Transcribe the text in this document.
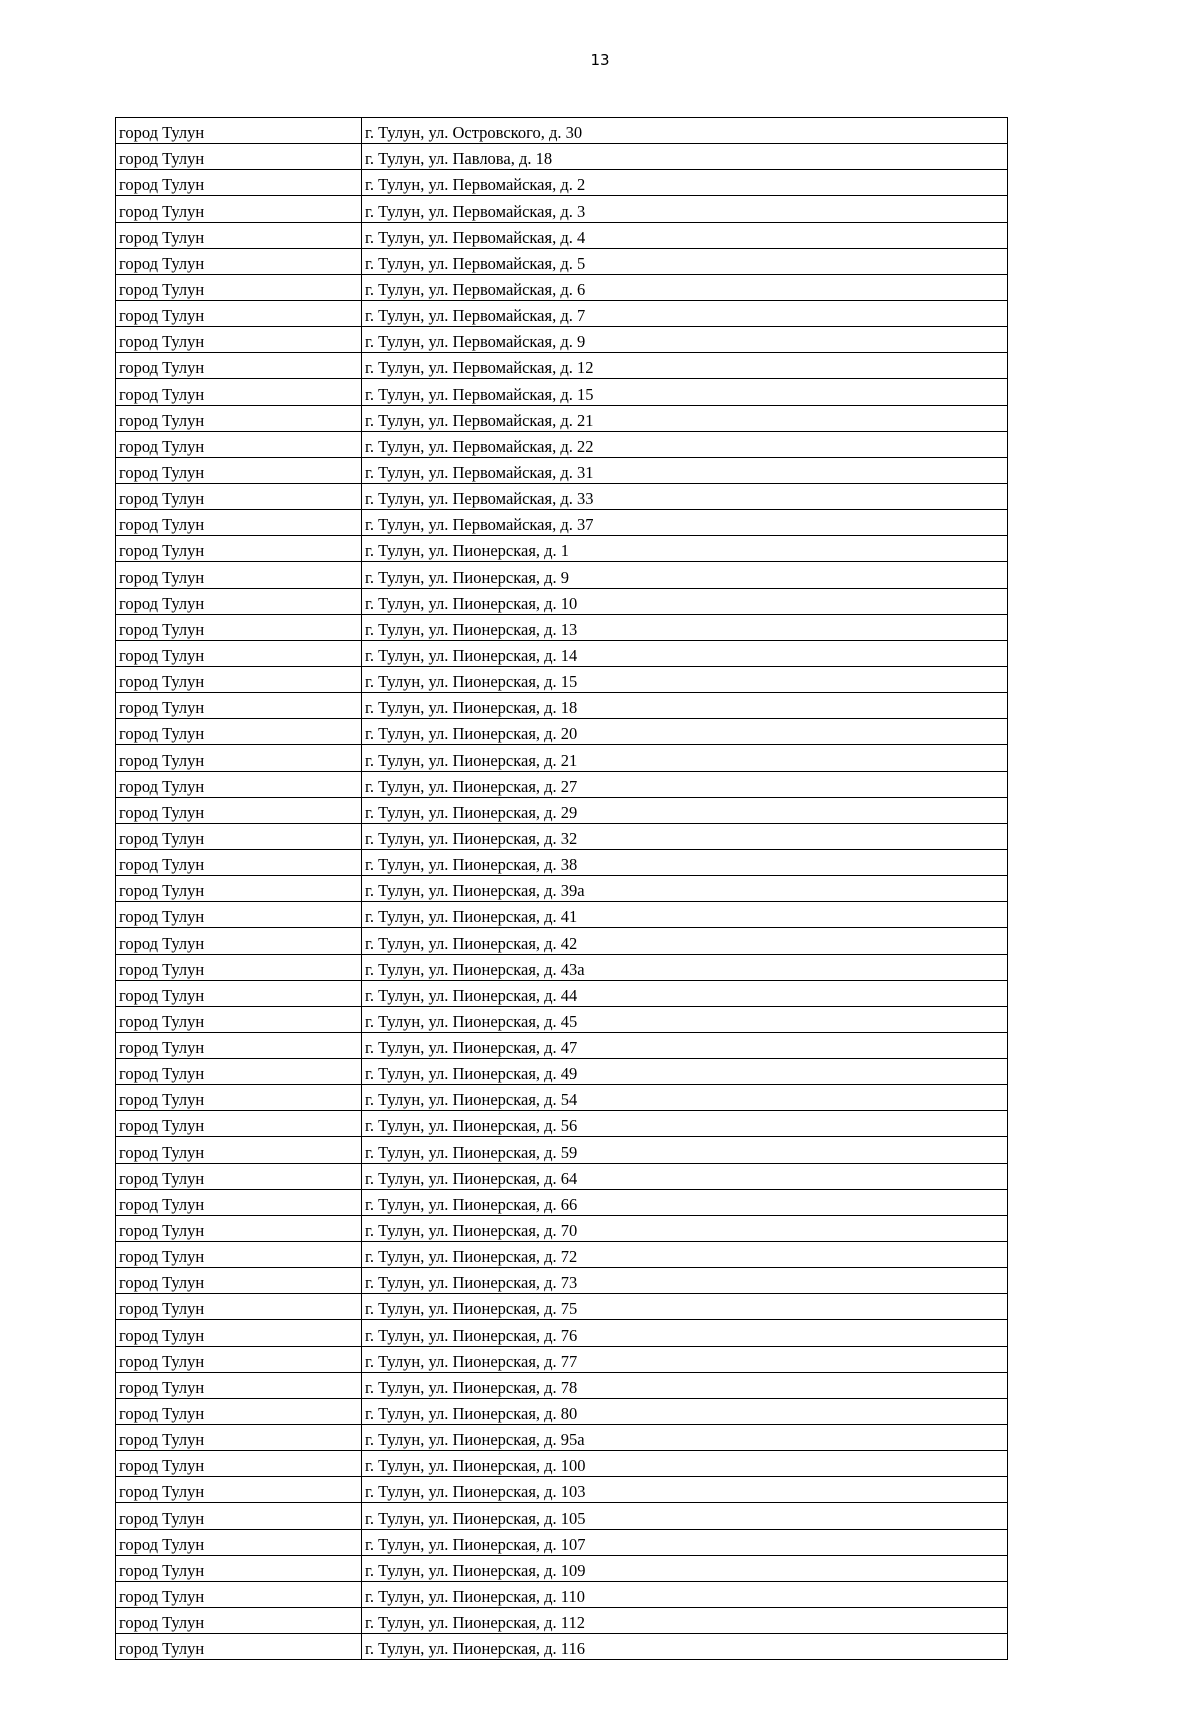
13
город Тулун	г. Тулун, ул. Островского, д. 30
город Тулун	г. Тулун, ул. Павлова, д. 18
город Тулун	г. Тулун, ул. Первомайская, д. 2
город Тулун	г. Тулун, ул. Первомайская, д. 3
город Тулун	г. Тулун, ул. Первомайская, д. 4
город Тулун	г. Тулун, ул. Первомайская, д. 5
город Тулун	г. Тулун, ул. Первомайская, д. 6
город Тулун	г. Тулун, ул. Первомайская, д. 7
город Тулун	г. Тулун, ул. Первомайская, д. 9
город Тулун	г. Тулун, ул. Первомайская, д. 12
город Тулун	г. Тулун, ул. Первомайская, д. 15
город Тулун	г. Тулун, ул. Первомайская, д. 21
город Тулун	г. Тулун, ул. Первомайская, д. 22
город Тулун	г. Тулун, ул. Первомайская, д. 31
город Тулун	г. Тулун, ул. Первомайская, д. 33
город Тулун	г. Тулун, ул. Первомайская, д. 37
город Тулун	г. Тулун, ул. Пионерская, д. 1
город Тулун	г. Тулун, ул. Пионерская, д. 9
город Тулун	г. Тулун, ул. Пионерская, д. 10
город Тулун	г. Тулун, ул. Пионерская, д. 13
город Тулун	г. Тулун, ул. Пионерская, д. 14
город Тулун	г. Тулун, ул. Пионерская, д. 15
город Тулун	г. Тулун, ул. Пионерская, д. 18
город Тулун	г. Тулун, ул. Пионерская, д. 20
город Тулун	г. Тулун, ул. Пионерская, д. 21
город Тулун	г. Тулун, ул. Пионерская, д. 27
город Тулун	г. Тулун, ул. Пионерская, д. 29
город Тулун	г. Тулун, ул. Пионерская, д. 32
город Тулун	г. Тулун, ул. Пионерская, д. 38
город Тулун	г. Тулун, ул. Пионерская, д. 39а
город Тулун	г. Тулун, ул. Пионерская, д. 41
город Тулун	г. Тулун, ул. Пионерская, д. 42
город Тулун	г. Тулун, ул. Пионерская, д. 43а
город Тулун	г. Тулун, ул. Пионерская, д. 44
город Тулун	г. Тулун, ул. Пионерская, д. 45
город Тулун	г. Тулун, ул. Пионерская, д. 47
город Тулун	г. Тулун, ул. Пионерская, д. 49
город Тулун	г. Тулун, ул. Пионерская, д. 54
город Тулун	г. Тулун, ул. Пионерская, д. 56
город Тулун	г. Тулун, ул. Пионерская, д. 59
город Тулун	г. Тулун, ул. Пионерская, д. 64
город Тулун	г. Тулун, ул. Пионерская, д. 66
город Тулун	г. Тулун, ул. Пионерская, д. 70
город Тулун	г. Тулун, ул. Пионерская, д. 72
город Тулун	г. Тулун, ул. Пионерская, д. 73
город Тулун	г. Тулун, ул. Пионерская, д. 75
город Тулун	г. Тулун, ул. Пионерская, д. 76
город Тулун	г. Тулун, ул. Пионерская, д. 77
город Тулун	г. Тулун, ул. Пионерская, д. 78
город Тулун	г. Тулун, ул. Пионерская, д. 80
город Тулун	г. Тулун, ул. Пионерская, д. 95а
город Тулун	г. Тулун, ул. Пионерская, д. 100
город Тулун	г. Тулун, ул. Пионерская, д. 103
город Тулун	г. Тулун, ул. Пионерская, д. 105
город Тулун	г. Тулун, ул. Пионерская, д. 107
город Тулун	г. Тулун, ул. Пионерская, д. 109
город Тулун	г. Тулун, ул. Пионерская, д. 110
город Тулун	г. Тулун, ул. Пионерская, д. 112
город Тулун	г. Тулун, ул. Пионерская, д. 116
